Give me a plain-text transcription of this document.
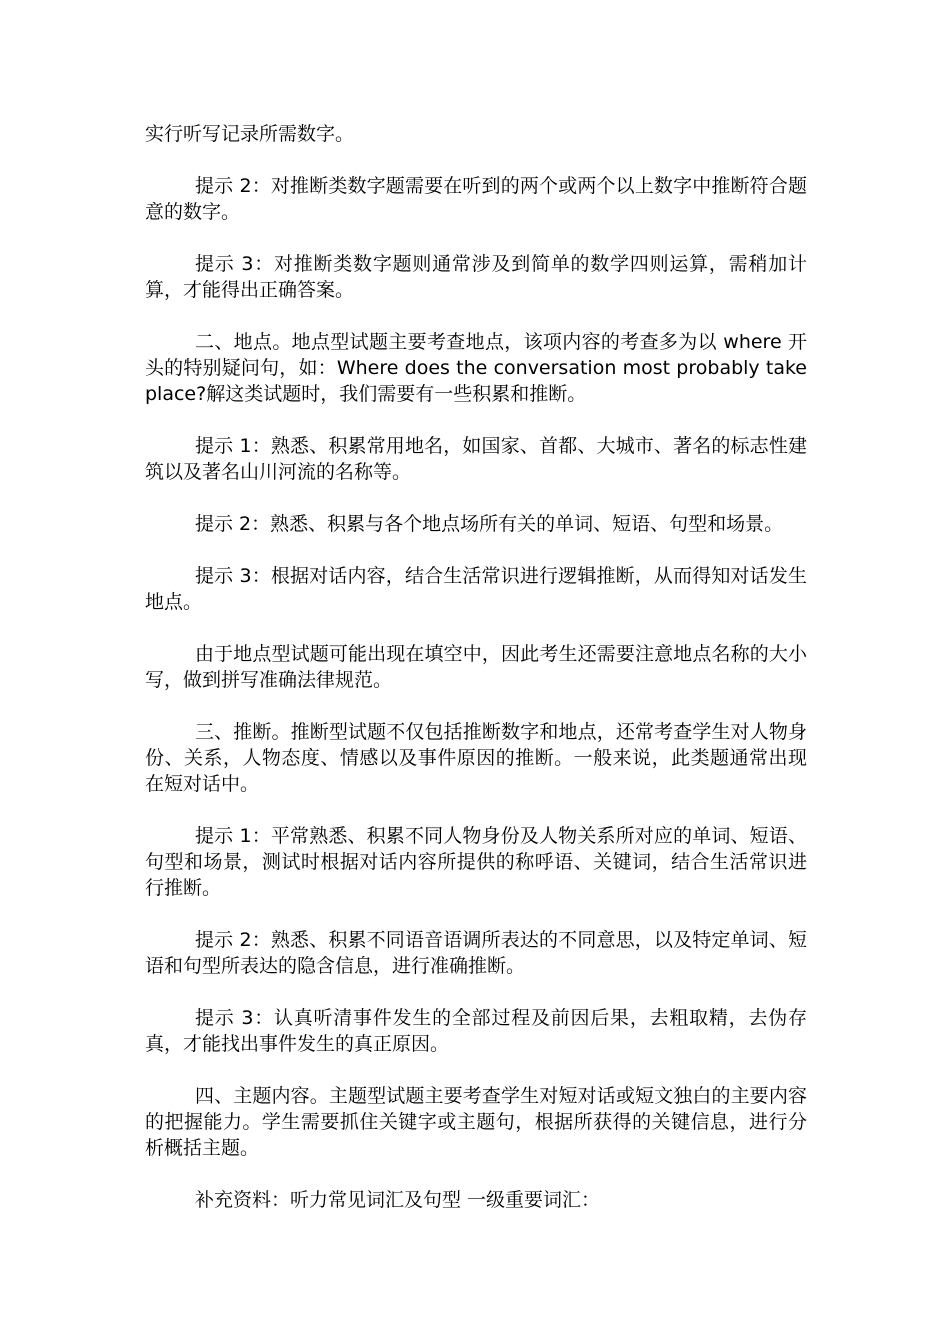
实行听写记录所需数字。

提示 2：对推断类数字题需要在听到的两个或两个以上数字中推断符合题意的数字。

提示 3：对推断类数字题则通常涉及到简单的数学四则运算，需稍加计算，才能得出正确答案。

二、地点。地点型试题主要考查地点，该项内容的考查多为以 where 开头的特别疑问句，如：Where does the conversation most probably take place?解这类试题时，我们需要有一些积累和推断。

提示 1：熟悉、积累常用地名，如国家、首都、大城市、著名的标志性建筑以及著名山川河流的名称等。

提示 2：熟悉、积累与各个地点场所有关的单词、短语、句型和场景。

提示 3：根据对话内容，结合生活常识进行逻辑推断，从而得知对话发生地点。

由于地点型试题可能出现在填空中，因此考生还需要注意地点名称的大小写，做到拼写准确法律规范。

三、推断。推断型试题不仅包括推断数字和地点，还常考查学生对人物身份、关系，人物态度、情感以及事件原因的推断。一般来说，此类题通常出现在短对话中。

提示 1：平常熟悉、积累不同人物身份及人物关系所对应的单词、短语、句型和场景，测试时根据对话内容所提供的称呼语、关键词，结合生活常识进行推断。

提示 2：熟悉、积累不同语音语调所表达的不同意思，以及特定单词、短语和句型所表达的隐含信息，进行准确推断。

提示 3：认真听清事件发生的全部过程及前因后果，去粗取精，去伪存真，才能找出事件发生的真正原因。

四、主题内容。主题型试题主要考查学生对短对话或短文独白的主要内容的把握能力。学生需要抓住关键字或主题句，根据所获得的关键信息，进行分析概括主题。

补充资料：听力常见词汇及句型 一级重要词汇：
